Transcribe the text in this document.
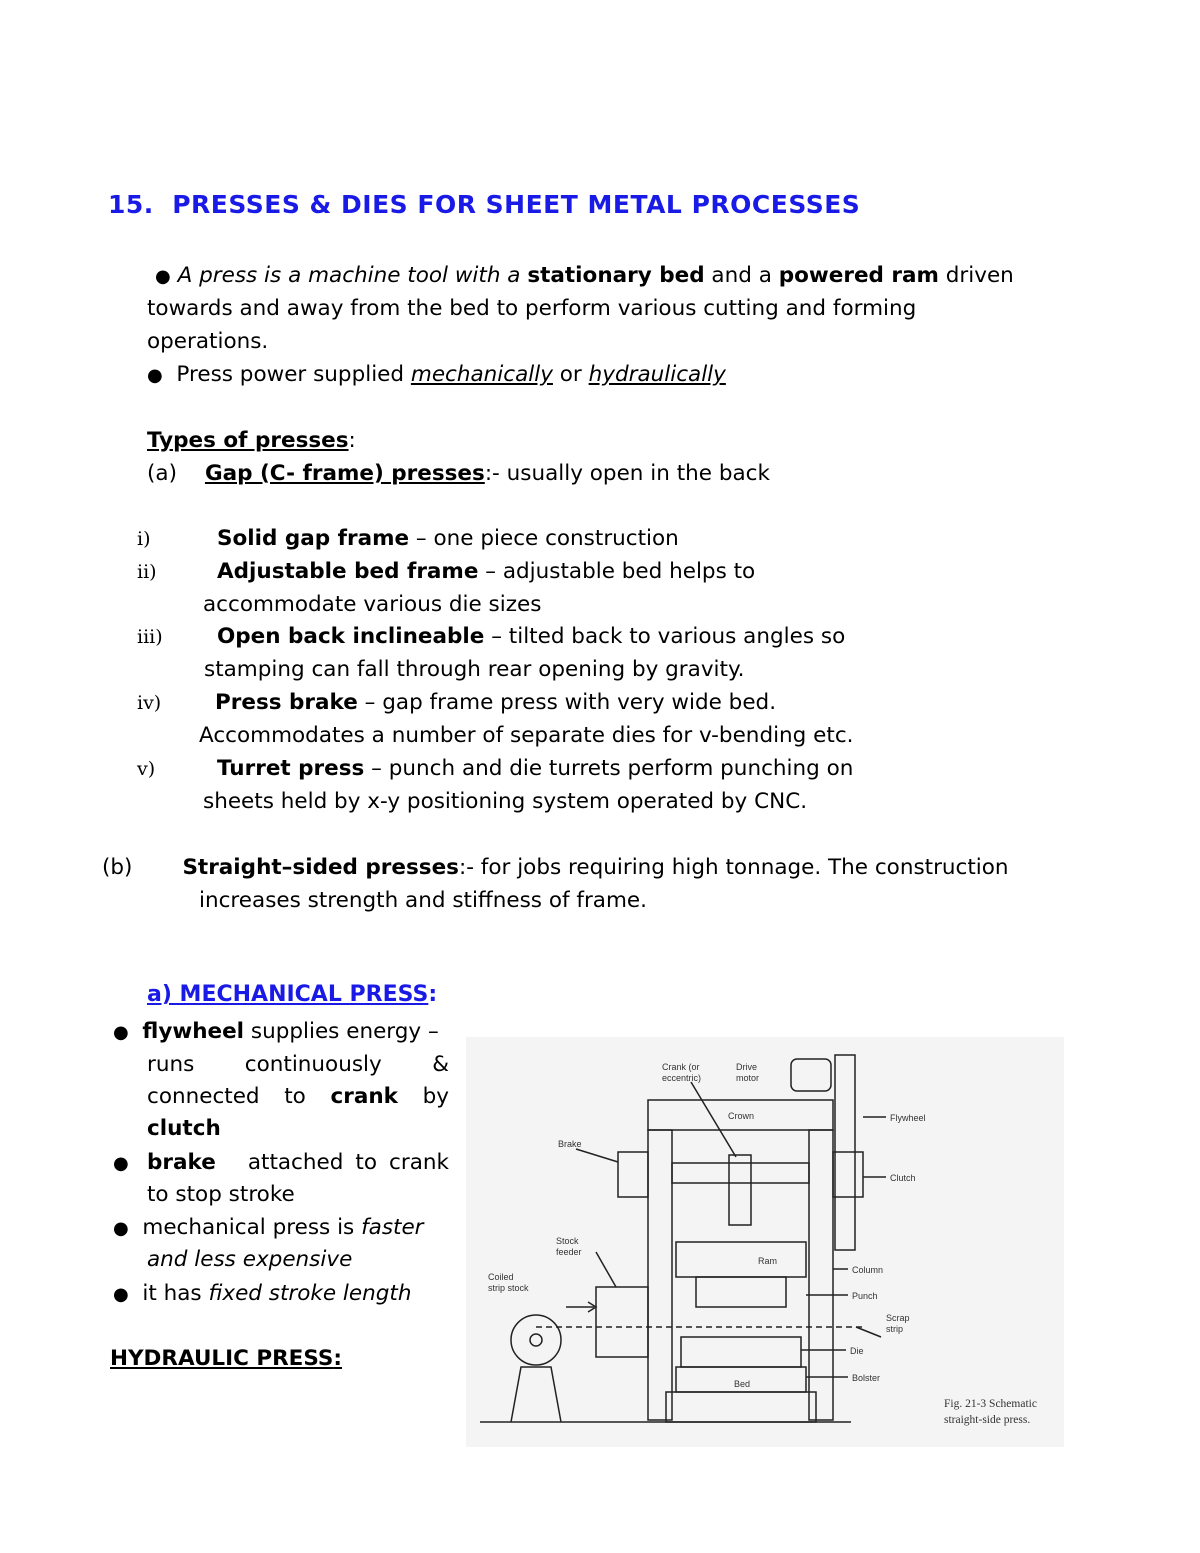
15. PRESSES & DIES FOR SHEET METAL PROCESSES
● A press is a machine tool with a stationary bed and a powered ram driven
towards and away from the bed to perform various cutting and forming
operations.
● Press power supplied mechanically or hydraulically
Types of presses:
(a) Gap (C- frame) presses:- usually open in the back
i)	Solid gap frame – one piece construction
ii)	Adjustable bed frame – adjustable bed helps to
accommodate various die sizes
iii)	Open back inclineable – tilted back to various angles so
stamping can fall through rear opening by gravity.
iv)	Press brake – gap frame press with very wide bed.
Accommodates a number of separate dies for v-bending etc.
v)	Turret press – punch and die turrets perform punching on
sheets held by x-y positioning system operated by CNC.
(b) Straight–sided presses:- for jobs requiring high tonnage. The construction
increases strength and stiffness of frame.
a) MECHANICAL PRESS:
● flywheel supplies energy –
runs continuously &
connected to crank by
clutch
● brake attached to crank
to stop stroke
● mechanical press is faster
and less expensive
● it has fixed stroke length
HYDRAULIC PRESS:
Crank (or
eccentric)
Drive
motor
Crown	Flywheel
Brake
Clutch
Stock
feeder
Ram
Column
Coiled
strip stock
Punch
Scrap
strip
Die
Bolster
Bed
Fig. 21-3 Schematic
straight-side press.
